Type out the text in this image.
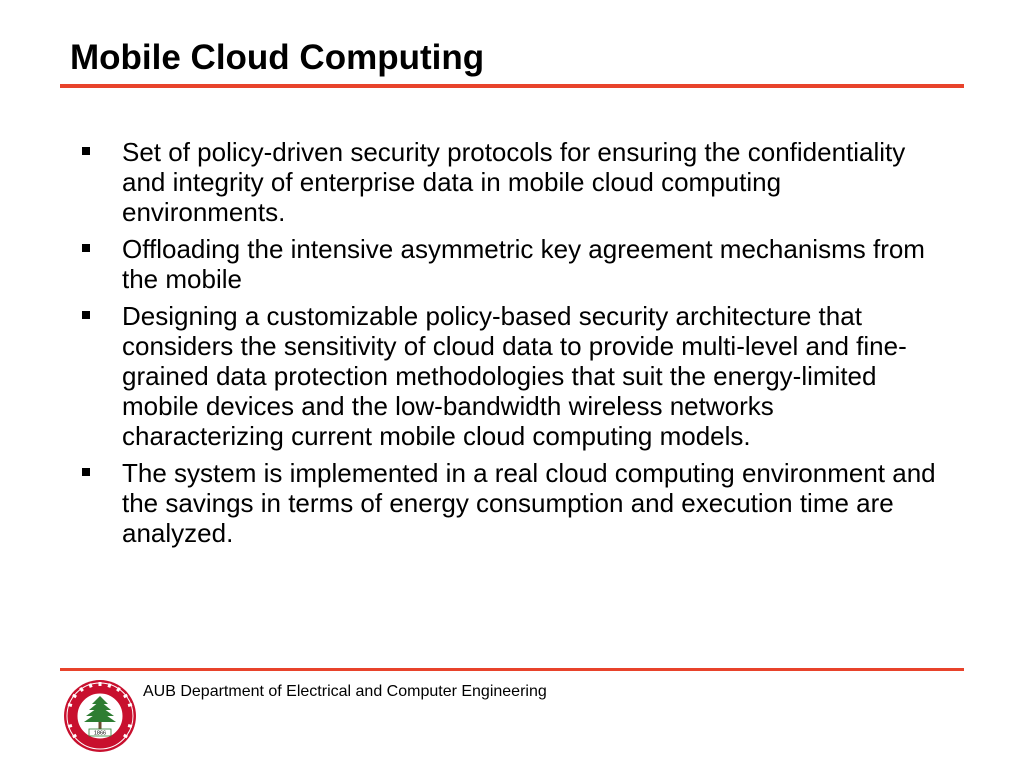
Mobile Cloud Computing
Set of policy-driven security protocols for ensuring the confidentiality and integrity of enterprise data in mobile cloud computing environments.
Offloading the intensive asymmetric key agreement mechanisms from the mobile
Designing a customizable policy-based security architecture that considers the sensitivity of cloud data to provide multi-level and fine-grained data protection methodologies that suit the energy-limited mobile devices and the low-bandwidth wireless networks characterizing current mobile cloud computing models.
The system is implemented in a real cloud computing environment and the savings in terms of energy consumption and execution time are analyzed.
1866
AUB Department of Electrical and Computer Engineering
